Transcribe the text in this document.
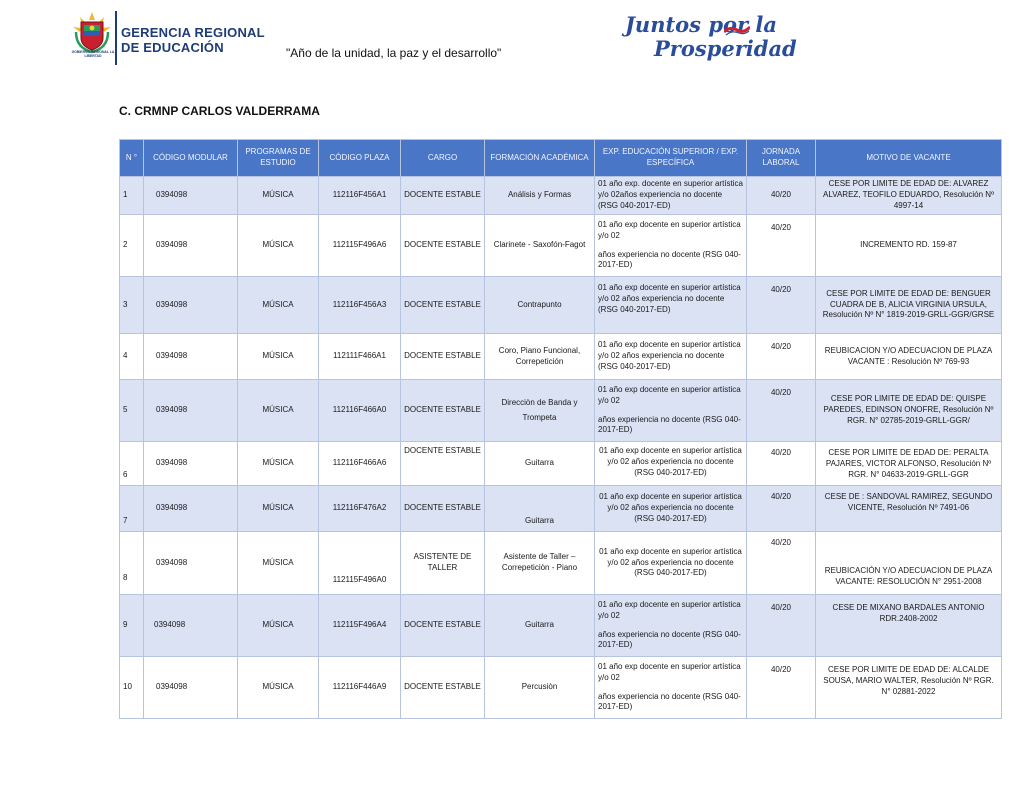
GOBIERNO REGIONAL LA LIBERTAD
GERENCIA REGIONAL
DE EDUCACIÓN	"Año de la unidad, la paz y el desarrollo"
Juntos por la
Prosperidad
C. CRMNP CARLOS VALDERRAMA
N °	CÓDIGO MODULAR	PROGRAMAS DE ESTUDIO	CÓDIGO PLAZA	CARGO	FORMACIÓN ACADÉMICA	EXP. EDUCACIÓN SUPERIOR / EXP. ESPECÍFICA	JORNADA LABORAL	MOTIVO DE VACANTE
1	0394098	MÚSICA	112116F456A1	DOCENTE ESTABLE	Análisis y Formas	01 año exp. docente en superior artística y/o 02años experiencia no docente (RSG 040-2017-ED)	40/20	CESE POR LIMITE DE EDAD DE: ALVAREZ ALVAREZ, TEOFILO EDUARDO, Resolución Nº 4997-14
2	0394098	MÚSICA	112115F496A6	DOCENTE ESTABLE	Clarinete - Saxofón-Fagot	01 año exp docente en superior artística y/o 02
años experiencia no docente (RSG 040-2017-ED)	40/20	INCREMENTO RD. 159-87
3	0394098	MÚSICA	112116F456A3	DOCENTE ESTABLE	Contrapunto	01 año exp docente en superior artística y/o 02 años experiencia no docente (RSG 040-2017-ED)	40/20	CESE POR LIMITE DE EDAD DE: BENGUER CUADRA DE B, ALICIA VIRGINIA URSULA, Resolución Nº N° 1819-2019-GRLL-GGR/GRSE
4	0394098	MÚSICA	112111F466A1	DOCENTE ESTABLE	Coro, Piano Funcional, Correpetición	01 año exp docente en superior artística y/o 02 años experiencia no docente (RSG 040-2017-ED)	40/20	REUBICACION Y/O ADECUACION DE PLAZA VACANTE : Resolución Nº 769-93
5	0394098	MÚSICA	112116F466A0	DOCENTE ESTABLE	Direcciòn de Banda y
Trompeta	01 año exp docente en superior artística y/o 02
años experiencia no docente (RSG 040-2017-ED)	40/20	CESE POR LIMITE DE EDAD DE: QUISPE PAREDES, EDINSON ONOFRE, Resolución Nº RGR. N° 02785-2019-GRLL-GGR/
6	0394098	MÚSICA	112116F466A6	DOCENTE ESTABLE	Guitarra	01 año exp docente en superior artística y/o 02 años experiencia no docente (RSG 040-2017-ED)	40/20	CESE POR LIMITE DE EDAD DE: PERALTA PAJARES, VICTOR ALFONSO, Resolución Nº RGR. N° 04633-2019-GRLL-GGR
7	0394098	MÚSICA	112116F476A2	DOCENTE ESTABLE	Guitarra	01 año exp docente en superior artística y/o 02 años experiencia no docente (RSG 040-2017-ED)	40/20	CESE DE : SANDOVAL RAMIREZ, SEGUNDO VICENTE, Resolución Nº 7491-06
8	0394098	MÚSICA	112115F496A0	ASISTENTE DE TALLER	Asistente de Taller – Correpeticiòn - Piano	01 año exp docente en superior artística y/o 02 años experiencia no docente (RSG 040-2017-ED)	40/20	REUBICACIÓN Y/O ADECUACION DE PLAZA VACANTE: RESOLUCIÓN N° 2951-2008
9	0394098	MÚSICA	112115F496A4	DOCENTE ESTABLE	Guitarra	01 año exp docente en superior artística y/o 02
años experiencia no docente (RSG 040-2017-ED)	40/20	CESE DE MIXANO BARDALES ANTONIO RDR.2408-2002
10	0394098	MÚSICA	112116F446A9	DOCENTE ESTABLE	Percusiòn	01 año exp docente en superior artística y/o 02
años experiencia no docente (RSG 040-2017-ED)	40/20	CESE POR LIMITE DE EDAD DE: ALCALDE SOUSA, MARIO WALTER, Resolución Nº RGR. N° 02881-2022
